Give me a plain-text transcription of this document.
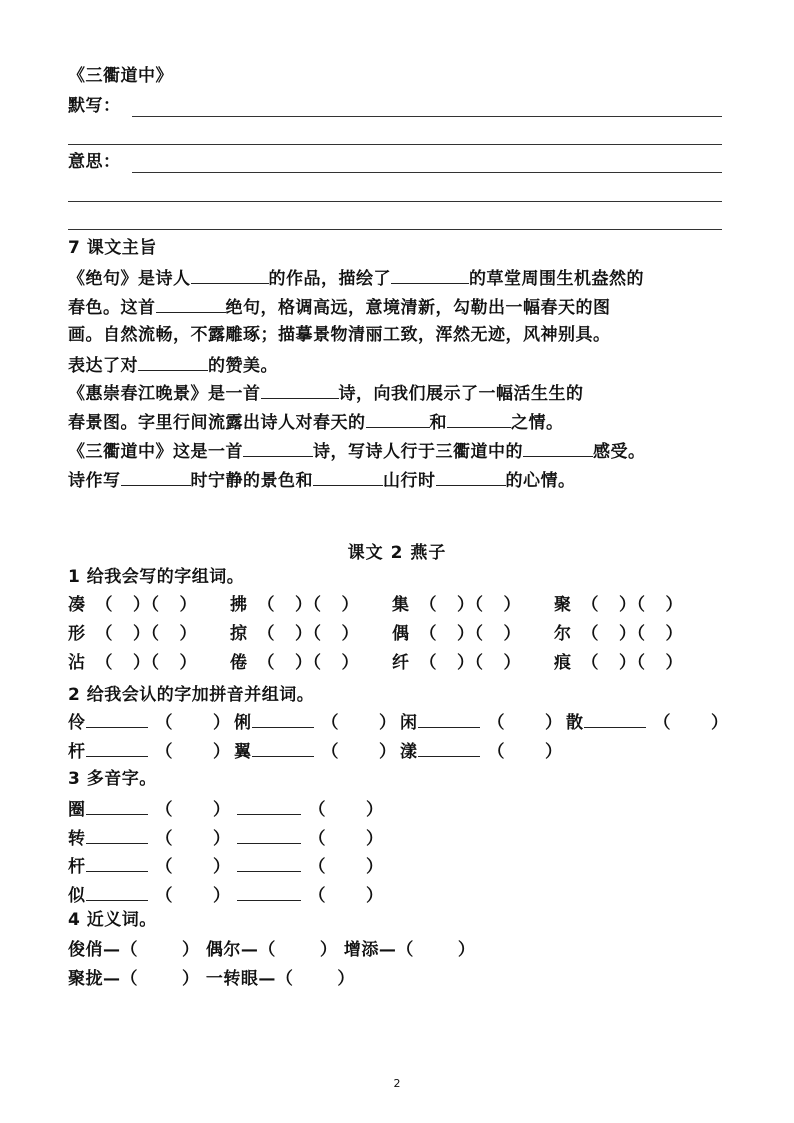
《三衢道中》
默写：
意思：
7 课文主旨
《绝句》是诗人	的作品，描绘了	的草堂周围生机盎然的
春色。这首	绝句，格调高远，意境清新，勾勒出一幅春天的图
画。自然流畅，不露雕琢；描摹景物清丽工致，浑然无迹，风神别具。
表达了对	的赞美。
《惠崇春江晚景》是一首	诗，向我们展示了一幅活生生的
春景图。字里行间流露出诗人对春天的	和	之情。
《三衢道中》这是一首	诗，写诗人行于三衢道中的	感受。
诗作写	时宁静的景色和	山行时	的心情。
课文 2 燕子
1 给我会写的字组词。
凑 （ ）（ ） 拂 （ ）（ ） 集 （ ）（ ） 聚 （ ）（ ）
形 （ ）（ ） 掠 （ ）（ ） 偶 （ ）（ ） 尔 （ ）（ ）
沾 （ ）（ ） 倦 （ ）（ ） 纤 （ ）（ ） 痕 （ ）（ ）
2 给我会认的字加拼音并组词。
伶	（ ） 俐	（ ） 闲	（ ） 散	（ ）
杆	（ ） 翼	（ ） 漾	（ ）
3 多音字。
圈	（ ）	（ ）
转	（ ）	（ ）
杆	（ ）	（ ）
似	（ ）	（ ）
4 近义词。
俊俏—（	） 偶尔—（	） 增添—（	）
聚拢—（	） 一转眼—（	）
2
